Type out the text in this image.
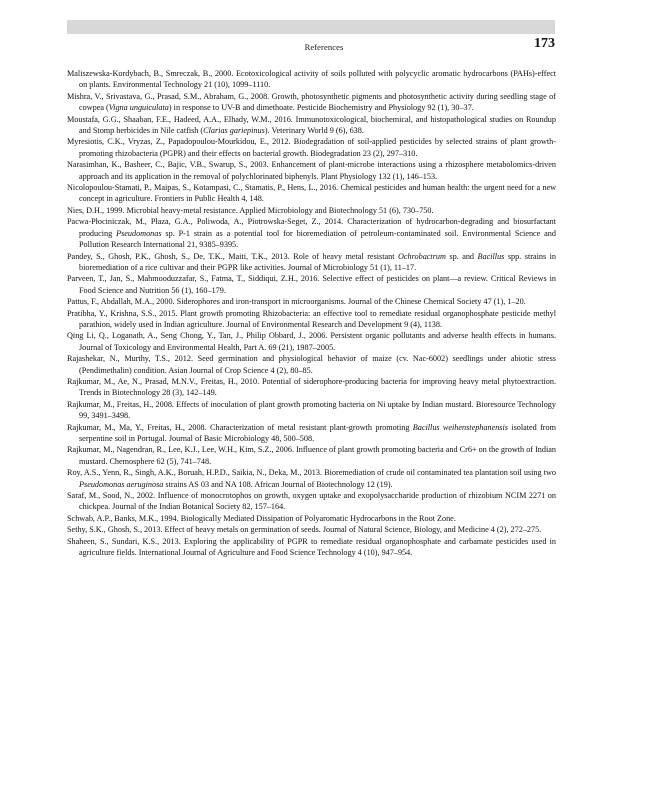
References	173

Maliszewska-Kordybach, B., Smreczak, B., 2000. Ecotoxicological activity of soils polluted with polycyclic aromatic hydrocarbons (PAHs)-effect on plants. Environmental Technology 21 (10), 1099–1110.

Mishra, V., Srivastava, G., Prasad, S.M., Abraham, G., 2008. Growth, photosynthetic pigments and photosynthetic activity during seedling stage of cowpea (Vigna unguiculata) in response to UV-B and dimethoate. Pesticide Biochemistry and Physiology 92 (1), 30–37.

Moustafa, G.G., Shaaban, F.E., Hadeed, A.A., Elhady, W.M., 2016. Immunotoxicological, biochemical, and histopathological studies on Roundup and Stomp herbicides in Nile catfish (Clarias gariepinus). Veterinary World 9 (6), 638.

Myresiotis, C.K., Vryzas, Z., Papadopoulou-Mourkidou, E., 2012. Biodegradation of soil-applied pesticides by selected strains of plant growth-promoting rhizobacteria (PGPR) and their effects on bacterial growth. Biodegradation 23 (2), 297–310.

Narasimhan, K., Basheer, C., Bajic, V.B., Swarup, S., 2003. Enhancement of plant-microbe interactions using a rhizosphere metabolomics-driven approach and its application in the removal of polychlorinated biphenyls. Plant Physiology 132 (1), 146–153.

Nicolopoulou-Stamati, P., Maipas, S., Kotampasi, C., Stamatis, P., Hens, L., 2016. Chemical pesticides and human health: the urgent need for a new concept in agriculture. Frontiers in Public Health 4, 148.

Nies, D.H., 1999. Microbial heavy-metal resistance. Applied Microbiology and Biotechnology 51 (6), 730–750.

Pacwa-Płociniczak, M., Płaza, G.A., Poliwoda, A., Piotrowska-Seget, Z., 2014. Characterization of hydrocarbon-degrading and biosurfactant producing Pseudomonas sp. P-1 strain as a potential tool for bioremediation of petroleum-contaminated soil. Environmental Science and Pollution Research International 21, 9385–9395.

Pandey, S., Ghosh, P.K., Ghosh, S., De, T.K., Maiti, T.K., 2013. Role of heavy metal resistant Ochrobactrum sp. and Bacillus spp. strains in bioremediation of a rice cultivar and their PGPR like activities. Journal of Microbiology 51 (1), 11–17.

Parveen, T., Jan, S., Mahmooduzzafar, S., Fatma, T., Siddiqui, Z.H., 2016. Selective effect of pesticides on plant—a review. Critical Reviews in Food Science and Nutrition 56 (1), 160–179.

Pattus, F., Abdallah, M.A., 2000. Siderophores and iron-transport in microorganisms. Journal of the Chinese Chemical Society 47 (1), 1–20.

Pratibha, Y., Krishna, S.S., 2015. Plant growth promoting Rhizobacteria: an effective tool to remediate residual organophosphate pesticide methyl parathion, widely used in Indian agriculture. Journal of Environmental Research and Development 9 (4), 1138.

Qing Li, Q., Loganath, A., Seng Chong, Y., Tan, J., Philip Obbard, J., 2006. Persistent organic pollutants and adverse health effects in humans. Journal of Toxicology and Environmental Health, Part A. 69 (21), 1987–2005.

Rajashekar, N., Murthy, T.S., 2012. Seed germination and physiological behavior of maize (cv. Nac-6002) seedlings under abiotic stress (Pendimethalin) condition. Asian Journal of Crop Science 4 (2), 80–85.

Rajkumar, M., Ae, N., Prasad, M.N.V., Freitas, H., 2010. Potential of siderophore-producing bacteria for improving heavy metal phytoextraction. Trends in Biotechnology 28 (3), 142–149.

Rajkumar, M., Freitas, H., 2008. Effects of inoculation of plant growth promoting bacteria on Ni uptake by Indian mustard. Bioresource Technology 99, 3491–3498.

Rajkumar, M., Ma, Y., Freitas, H., 2008. Characterization of metal resistant plant-growth promoting Bacillus weihenstephanensis isolated from serpentine soil in Portugal. Journal of Basic Microbiology 48, 500–508.

Rajkumar, M., Nagendran, R., Lee, K.J., Lee, W.H., Kim, S.Z., 2006. Influence of plant growth promoting bacteria and Cr6+ on the growth of Indian mustard. Chemosphere 62 (5), 741–748.

Roy, A.S., Yenn, R., Singh, A.K., Boruah, H.P.D., Saikia, N., Deka, M., 2013. Bioremediation of crude oil contaminated tea plantation soil using two Pseudomonas aeruginosa strains AS 03 and NA 108. African Journal of Biotechnology 12 (19).

Saraf, M., Sood, N., 2002. Influence of monocrotophos on growth, oxygen uptake and exopolysaccharide production of rhizobium NCIM 2271 on chickpea. Journal of the Indian Botanical Society 82, 157–164.

Schwab, A.P., Banks, M.K., 1994. Biologically Mediated Dissipation of Polyaromatic Hydrocarbons in the Root Zone.

Sethy, S.K., Ghosh, S., 2013. Effect of heavy metals on germination of seeds. Journal of Natural Science, Biology, and Medicine 4 (2), 272–275.

Shaheen, S., Sundari, K.S., 2013. Exploring the applicability of PGPR to remediate residual organophosphate and carbamate pesticides used in agriculture fields. International Journal of Agriculture and Food Science Technology 4 (10), 947–954.
